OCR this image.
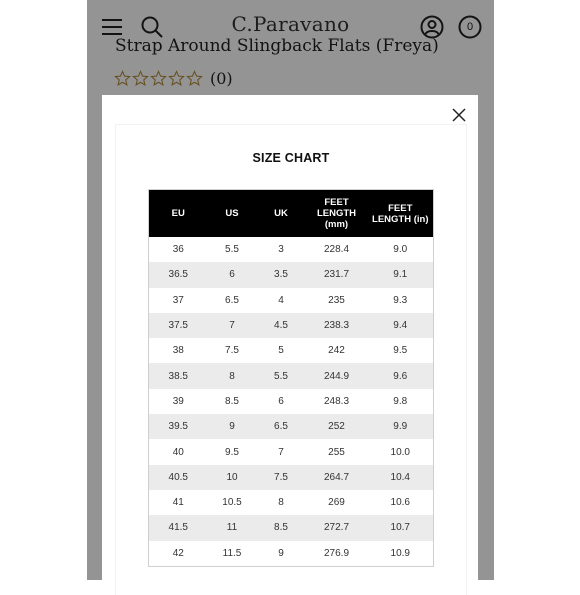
C.Paravano	0
Strap Around Slingback Flats (Freya)
(0)
SIZE CHART
EU	US	UK	FEET LENGTH (mm)	FEET LENGTH (in)
36	5.5	3	228.4	9.0
36.5	6	3.5	231.7	9.1
37	6.5	4	235	9.3
37.5	7	4.5	238.3	9.4
38	7.5	5	242	9.5
38.5	8	5.5	244.9	9.6
39	8.5	6	248.3	9.8
39.5	9	6.5	252	9.9
40	9.5	7	255	10.0
40.5	10	7.5	264.7	10.4
41	10.5	8	269	10.6
41.5	11	8.5	272.7	10.7
42	11.5	9	276.9	10.9
